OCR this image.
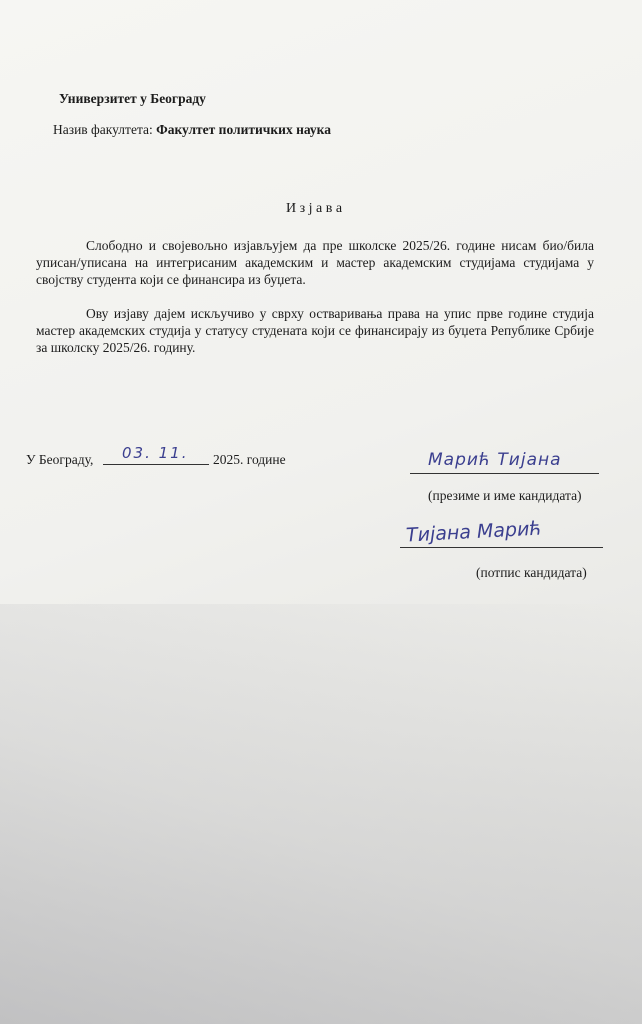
Универзитет у Београду
Назив факултета: Факултет политичких наука
И з ј а в а
Слободно и својевољно изјављујем да пре школске 2025/26. године нисам био/била уписан/уписана на интегрисаним академским и мастер академским студијама студијама у својству студента који се финансира из буџета.
Ову изјаву дајем искључиво у сврху остваривања права на упис прве године студија мастер академских студија у статусу студената који се финансирају из буџета Републике Србије за школску 2025/26. годину.
У Београду, 03. 11. 2025. године	Марић Тијана
(презиме и име кандидата)
Тијана Марић
(потпис кандидата)
